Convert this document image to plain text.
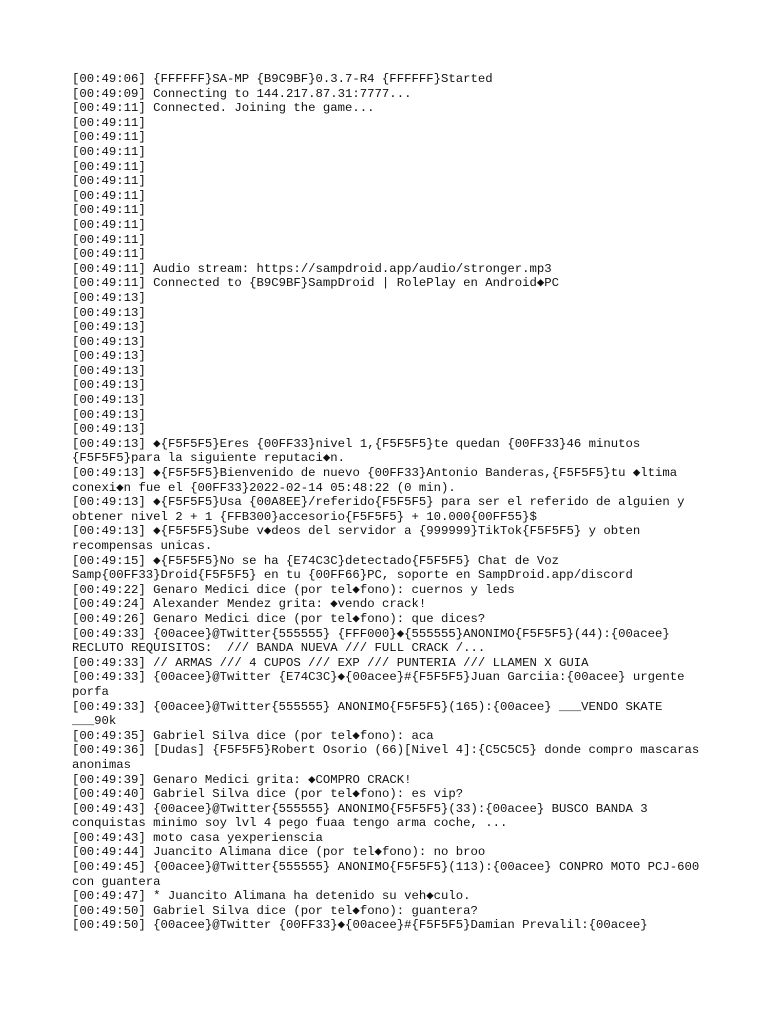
[00:49:06] {FFFFFF}SA-MP {B9C9BF}0.3.7-R4 {FFFFFF}Started
[00:49:09] Connecting to 144.217.87.31:7777...
[00:49:11] Connected. Joining the game...
[00:49:11]
[00:49:11]
[00:49:11]
[00:49:11]
[00:49:11]
[00:49:11]
[00:49:11]
[00:49:11]
[00:49:11]
[00:49:11]
[00:49:11] Audio stream: https://sampdroid.app/audio/stronger.mp3
[00:49:11] Connected to {B9C9BF}SampDroid | RolePlay en Android◆PC
[00:49:13]
[00:49:13]
[00:49:13]
[00:49:13]
[00:49:13]
[00:49:13]
[00:49:13]
[00:49:13]
[00:49:13]
[00:49:13]
[00:49:13] ◆{F5F5F5}Eres {00FF33}nivel 1,{F5F5F5}te quedan {00FF33}46 minutos {F5F5F5}para la siguiente reputaci◆n.
[00:49:13] ◆{F5F5F5}Bienvenido de nuevo {00FF33}Antonio Banderas,{F5F5F5}tu ◆ltima conexi◆n fue el {00FF33}2022-02-14 05:48:22 (0 min).
[00:49:13] ◆{F5F5F5}Usa {00A8EE}/referido{F5F5F5} para ser el referido de alguien y obtener nivel 2 + 1 {FFB300}accesorio{F5F5F5} + 10.000{00FF55}$
[00:49:13] ◆{F5F5F5}Sube v◆deos del servidor a {999999}TikTok{F5F5F5} y obten recompensas unicas.
[00:49:15] ◆{F5F5F5}No se ha {E74C3C}detectado{F5F5F5} Chat de Voz Samp{00FF33}Droid{F5F5F5} en tu {00FF66}PC, soporte en SampDroid.app/discord
[00:49:22] Genaro Medici dice (por tel◆fono): cuernos y leds
[00:49:24] Alexander Mendez grita: ◆vendo crack!
[00:49:26] Genaro Medici dice (por tel◆fono): que dices?
[00:49:33] {00acee}@Twitter{555555} {FFF000}◆{555555}ANONIMO{F5F5F5}(44):{00acee} RECLUTO REQUISITOS:  /// BANDA NUEVA /// FULL CRACK /...
[00:49:33] // ARMAS /// 4 CUPOS /// EXP /// PUNTERIA /// LLAMEN X GUIA
[00:49:33] {00acee}@Twitter {E74C3C}◆{00acee}#{F5F5F5}Juan Garciia:{00acee} urgente porfa
[00:49:33] {00acee}@Twitter{555555} ANONIMO{F5F5F5}(165):{00acee} ___VENDO SKATE ___90k
[00:49:35] Gabriel Silva dice (por tel◆fono): aca
[00:49:36] [Dudas] {F5F5F5}Robert Osorio (66)[Nivel 4]:{C5C5C5} donde compro mascaras anonimas
[00:49:39] Genaro Medici grita: ◆COMPRO CRACK!
[00:49:40] Gabriel Silva dice (por tel◆fono): es vip?
[00:49:43] {00acee}@Twitter{555555} ANONIMO{F5F5F5}(33):{00acee} BUSCO BANDA 3 conquistas minimo soy lvl 4 pego fuaa tengo arma coche, ...
[00:49:43] moto casa yexperienscia
[00:49:44] Juancito Alimana dice (por tel◆fono): no broo
[00:49:45] {00acee}@Twitter{555555} ANONIMO{F5F5F5}(113):{00acee} CONPRO MOTO PCJ-600 con guantera
[00:49:47] * Juancito Alimana ha detenido su veh◆culo.
[00:49:50] Gabriel Silva dice (por tel◆fono): guantera?
[00:49:50] {00acee}@Twitter {00FF33}◆{00acee}#{F5F5F5}Damian Prevalil:{00acee}
